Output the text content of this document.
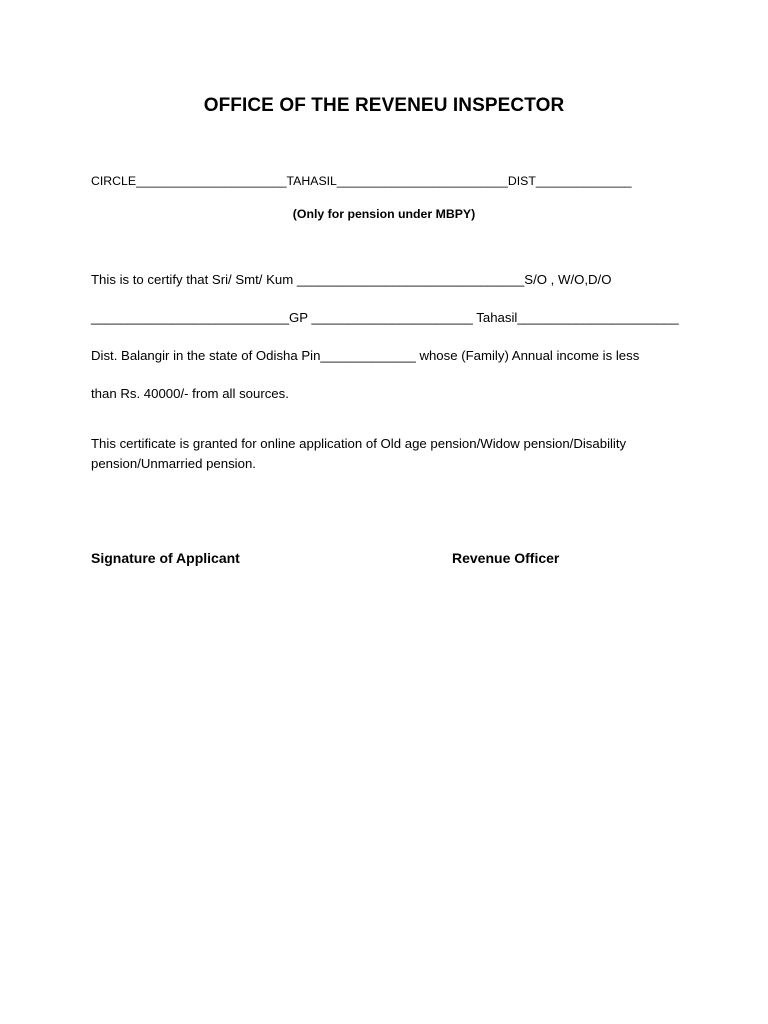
OFFICE OF THE REVENEU INSPECTOR
CIRCLE______________________TAHASIL_________________________DIST______________
(Only for pension under MBPY)
This is to certify that Sri/ Smt/ Kum _______________________________S/O , W/O,D/O
___________________________GP ______________________ Tahasil______________________
Dist. Balangir in the state of Odisha Pin_____________ whose (Family) Annual income is less
than Rs. 40000/- from all sources.
This certificate is granted for online application of Old age pension/Widow pension/Disability pension/Unmarried pension.
Signature of Applicant	Revenue Officer
